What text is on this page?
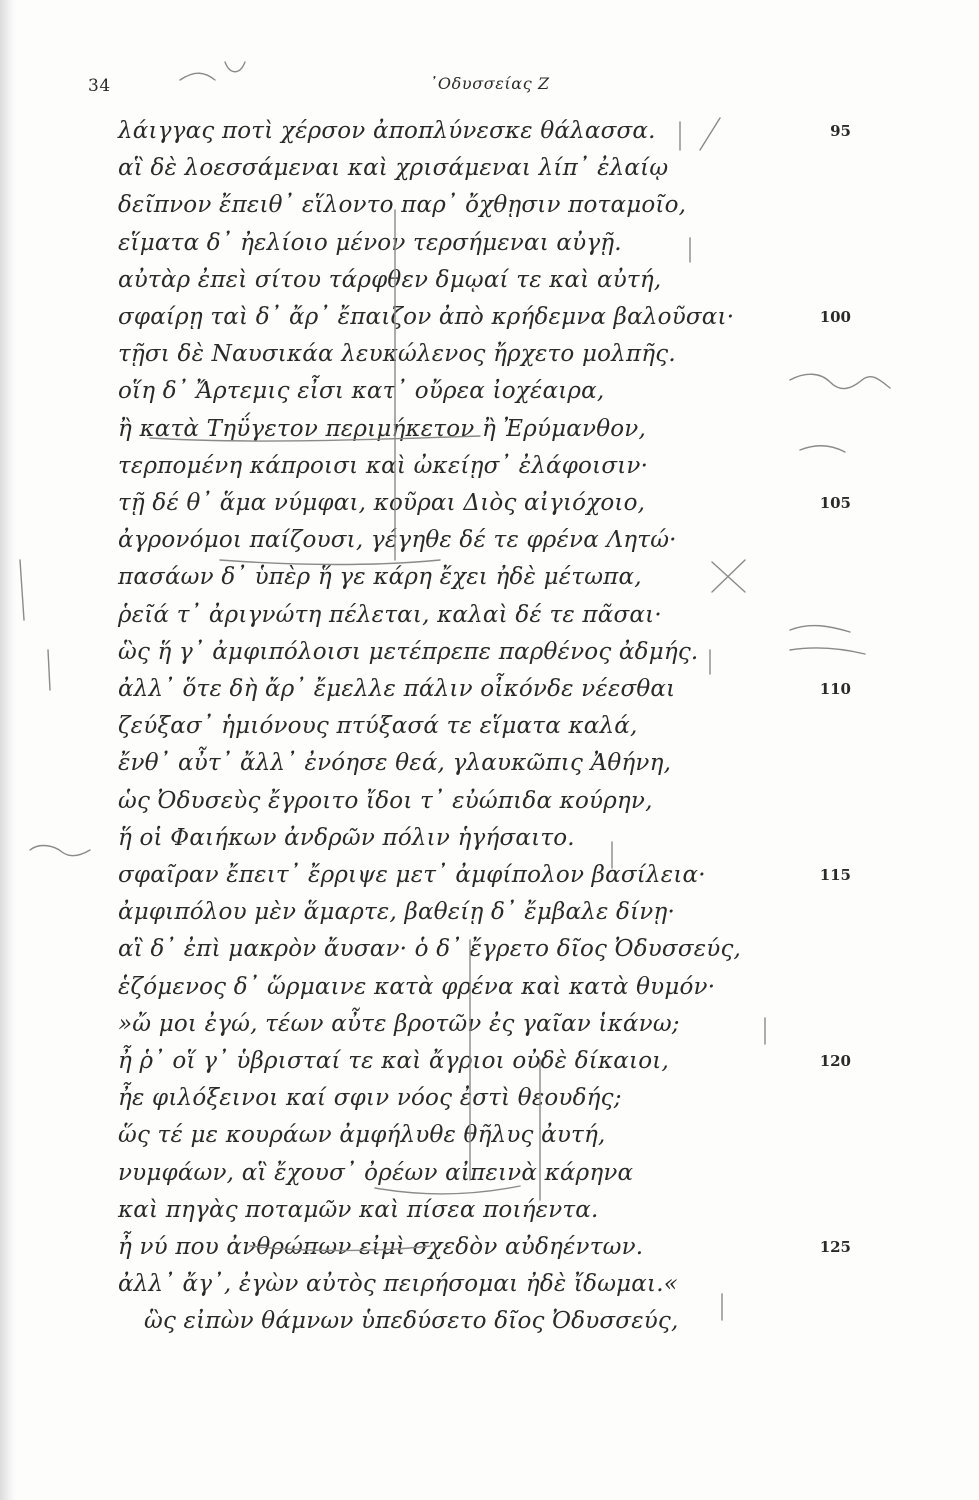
34	᾿Οδυσσείας Ζ
λάιγγας ποτὶ χέρσον ἀποπλύνεσκε θάλασσα.	95
αἳ δὲ λοεσσάμεναι καὶ χρισάμεναι λίπ᾿ ἐλαίῳ
δεῖπνον ἔπειθ᾿ εἵλοντο παρ᾿ ὄχθῃσιν ποταμοῖο,
εἵματα δ᾿ ἠελίοιο μένον τερσήμεναι αὐγῇ.
αὐτὰρ ἐπεὶ σίτου τάρφθεν δμῳαί τε καὶ αὐτή,
σφαίρῃ ταὶ δ᾿ ἄρ᾿ ἔπαιζον ἀπὸ κρήδεμνα βαλοῦσαι·	100
τῇσι δὲ Ναυσικάα λευκώλενος ἤρχετο μολπῆς.
οἵη δ᾿ Ἄρτεμις εἶσι κατ᾿ οὔρεα ἰοχέαιρα,
ἢ κατὰ Τηΰγετον περιμήκετον ἢ Ἐρύμανθον,
τερπομένη κάπροισι καὶ ὠκείῃσ᾿ ἐλάφοισιν·
τῇ δέ θ᾿ ἅμα νύμφαι, κοῦραι Διὸς αἰγιόχοιο,	105
ἀγρονόμοι παίζουσι, γέγηθε δέ τε φρένα Λητώ·
πασάων δ᾿ ὑπὲρ ἥ γε κάρη ἔχει ἠδὲ μέτωπα,
ῥεῖά τ᾿ ἀριγνώτη πέλεται, καλαὶ δέ τε πᾶσαι·
ὣς ἥ γ᾿ ἀμφιπόλοισι μετέπρεπε παρθένος ἀδμής.
ἀλλ᾿ ὅτε δὴ ἄρ᾿ ἔμελλε πάλιν οἶκόνδε νέεσθαι	110
ζεύξασ᾿ ἡμιόνους πτύξασά τε εἵματα καλά,
ἔνθ᾿ αὖτ᾿ ἄλλ᾿ ἐνόησε θεά, γλαυκῶπις Ἀθήνη,
ὡς Ὀδυσεὺς ἔγροιτο ἴδοι τ᾿ εὐώπιδα κούρην,
ἥ οἱ Φαιήκων ἀνδρῶν πόλιν ἡγήσαιτο.
σφαῖραν ἔπειτ᾿ ἔρριψε μετ᾿ ἀμφίπολον βασίλεια·	115
ἀμφιπόλου μὲν ἅμαρτε, βαθείῃ δ᾿ ἔμβαλε δίνῃ·
αἳ δ᾿ ἐπὶ μακρὸν ἄυσαν· ὁ δ᾿ ἔγρετο δῖος Ὀδυσσεύς,
ἑζόμενος δ᾿ ὥρμαινε κατὰ φρένα καὶ κατὰ θυμόν·
»ὤ μοι ἐγώ, τέων αὖτε βροτῶν ἐς γαῖαν ἱκάνω;
ἦ ῥ᾿ οἵ γ᾿ ὑβρισταί τε καὶ ἄγριοι οὐδὲ δίκαιοι,	120
ἦε φιλόξεινοι καί σφιν νόος ἐστὶ θεουδής;
ὥς τέ με κουράων ἀμφήλυθε θῆλυς ἀυτή,
νυμφάων, αἳ ἔχουσ᾿ ὀρέων αἰπεινὰ κάρηνα
καὶ πηγὰς ποταμῶν καὶ πίσεα ποιήεντα.
ἦ νύ που ἀνθρώπων εἰμὶ σχεδὸν αὐδηέντων.	125
ἀλλ᾿ ἄγ᾿, ἐγὼν αὐτὸς πειρήσομαι ἠδὲ ἴδωμαι.«
ὣς εἰπὼν θάμνων ὑπεδύσετο δῖος Ὀδυσσεύς,
